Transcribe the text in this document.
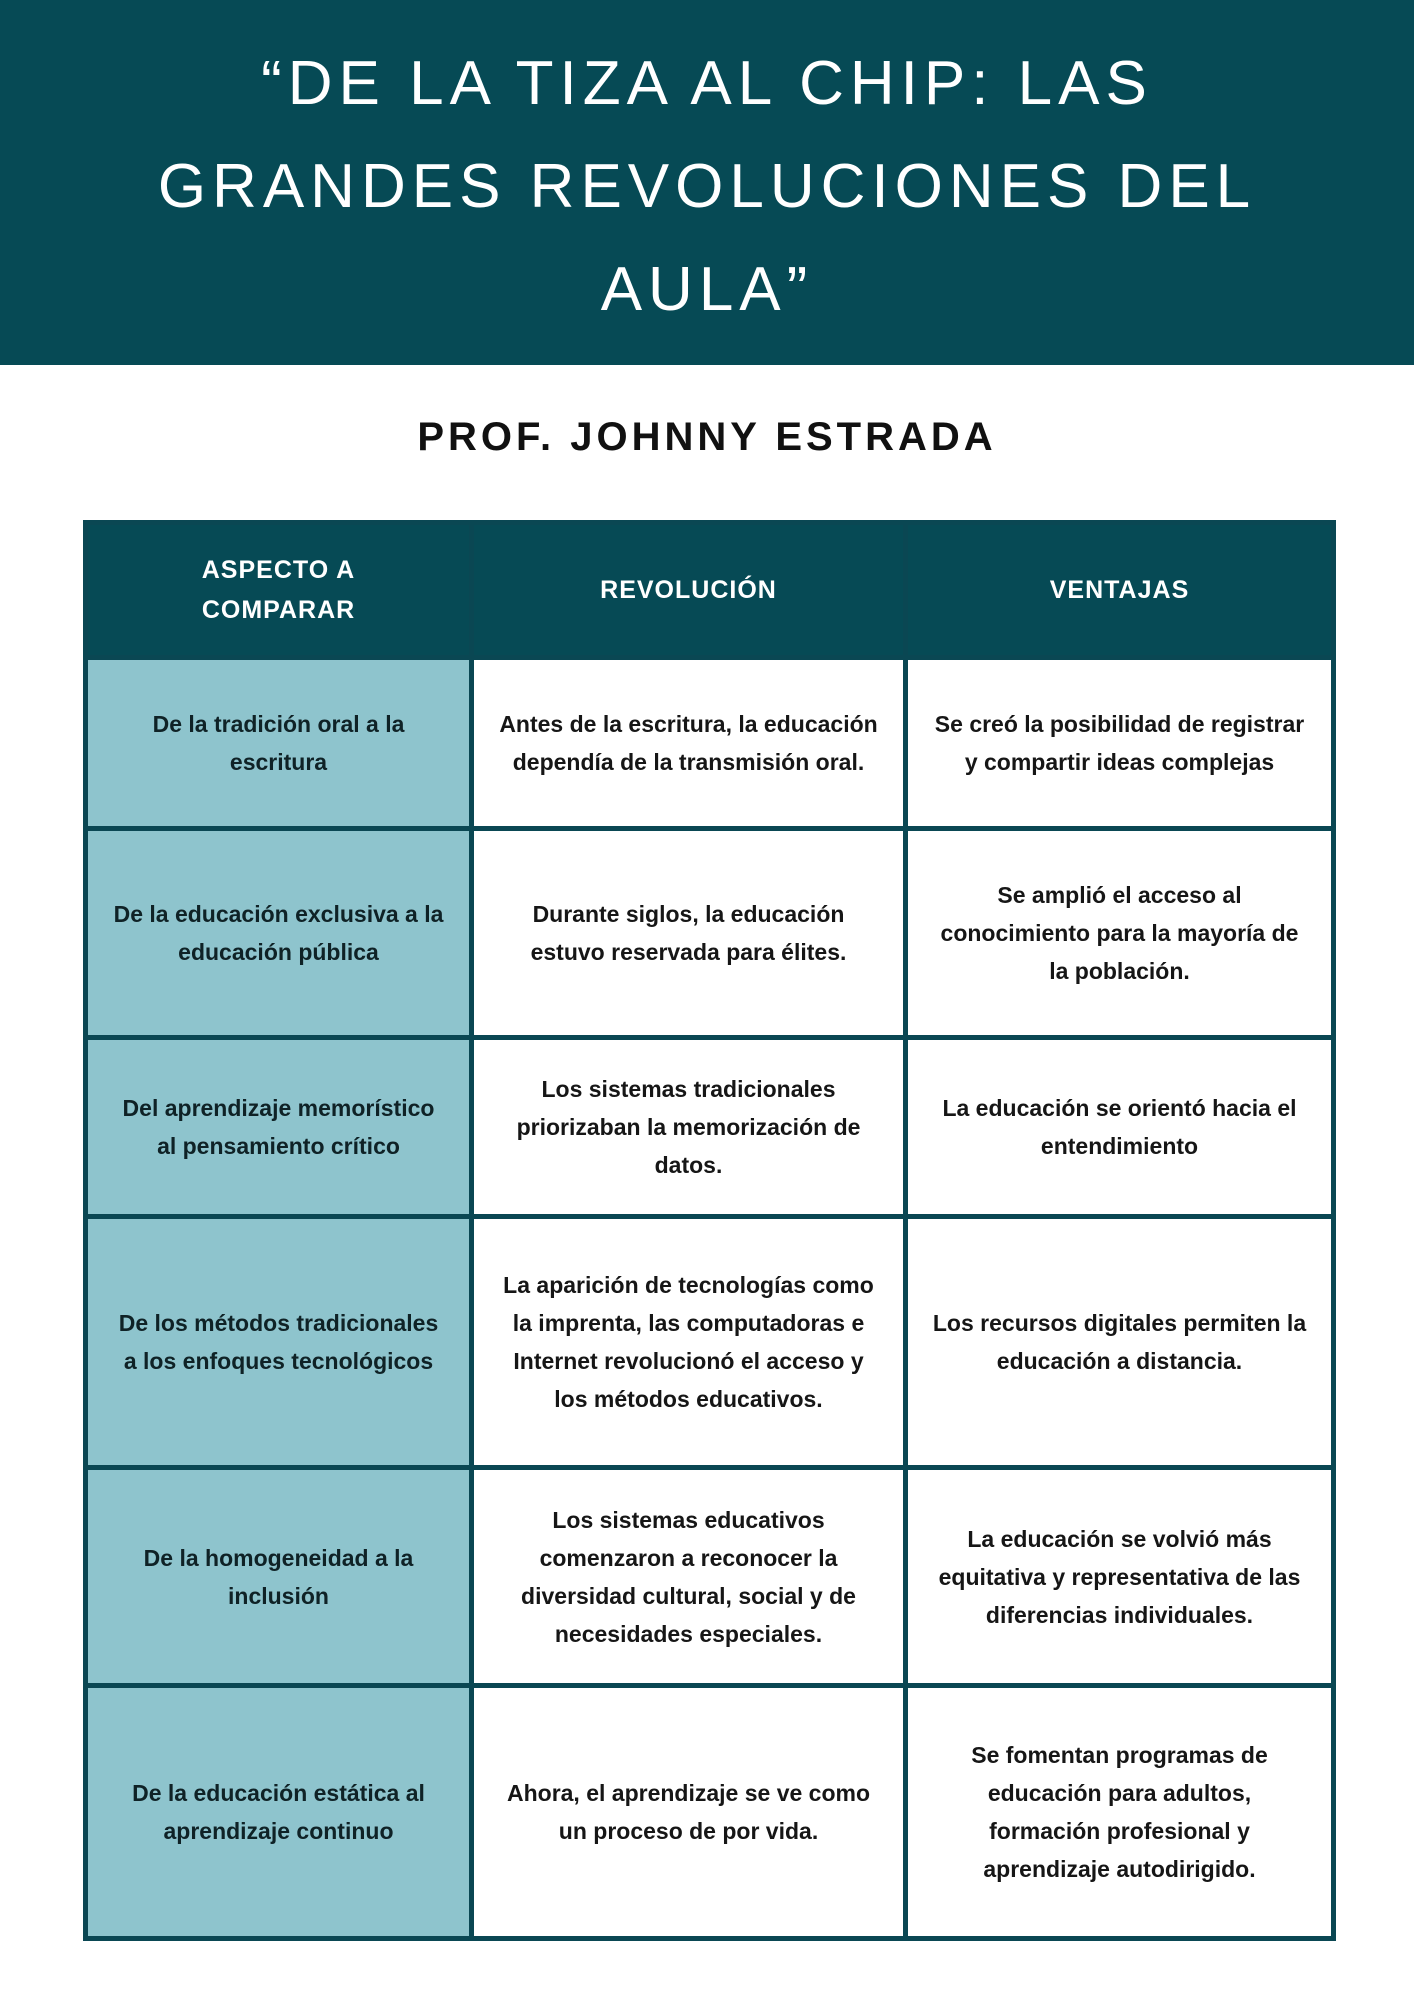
“DE LA TIZA AL CHIP: LAS
GRANDES REVOLUCIONES DEL
AULA”
PROF. JOHNNY ESTRADA
ASPECTO A COMPARAR	REVOLUCIÓN	VENTAJAS
De la tradición oral a la escritura	Antes de la escritura, la educación dependía de la transmisión oral.	Se creó la posibilidad de registrar y compartir ideas complejas
De la educación exclusiva a la educación pública	Durante siglos, la educación estuvo reservada para élites.	Se amplió el acceso al conocimiento para la mayoría de la población.
Del aprendizaje memorístico al pensamiento crítico	Los sistemas tradicionales priorizaban la memorización de datos.	La educación se orientó hacia el entendimiento
De los métodos tradicionales a los enfoques tecnológicos	La aparición de tecnologías como la imprenta, las computadoras e Internet revolucionó el acceso y los métodos educativos.	Los recursos digitales permiten la educación a distancia.
De la homogeneidad a la inclusión	Los sistemas educativos comenzaron a reconocer la diversidad cultural, social y de necesidades especiales.	La educación se volvió más equitativa y representativa de las diferencias individuales.
De la educación estática al aprendizaje continuo	Ahora, el aprendizaje se ve como un proceso de por vida.	Se fomentan programas de educación para adultos, formación profesional y aprendizaje autodirigido.
